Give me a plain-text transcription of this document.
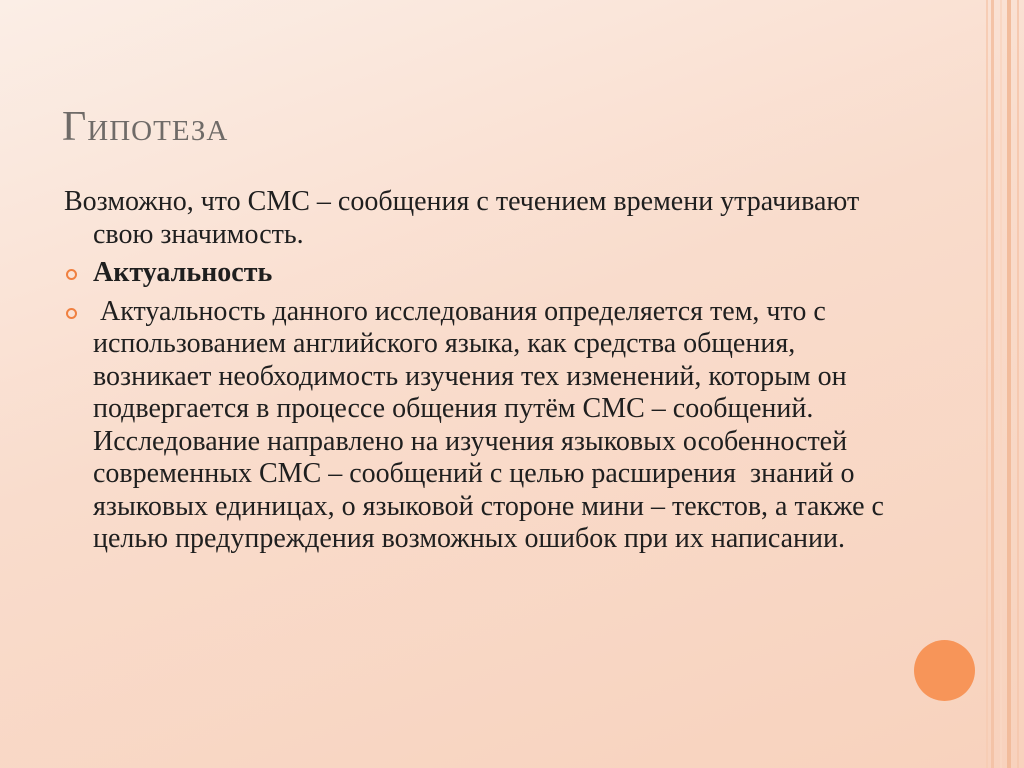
Гипотеза

Возможно, что СМС – сообщения с течением времени утрачивают свою значимость.

Актуальность
Актуальность данного исследования определяется тем, что с использованием английского языка, как средства общения, возникает необходимость изучения тех изменений, которым он подвергается в процессе общения путём СМС – сообщений.  Исследование направлено на изучения языковых особенностей современных СМС – сообщений с целью расширения  знаний о языковых единицах, о языковой стороне мини – текстов, а также с целью предупреждения возможных ошибок при их написании.
